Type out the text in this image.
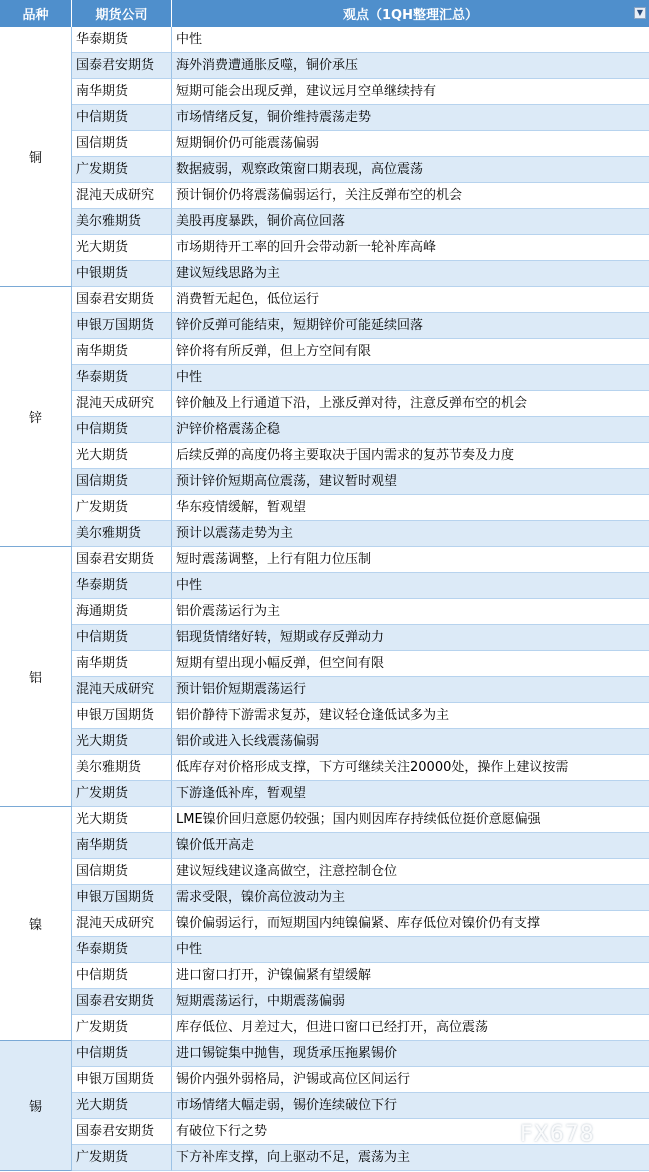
品种	期货公司	观点（1QH整理汇总）	▼
铜
华泰期货	中性
国泰君安期货	海外消费遭通胀反噬，铜价承压
南华期货	短期可能会出现反弹，建议远月空单继续持有
中信期货	市场情绪反复，铜价维持震荡走势
国信期货	短期铜价仍可能震荡偏弱
广发期货	数据疲弱，观察政策窗口期表现，高位震荡
混沌天成研究	预计铜价仍将震荡偏弱运行，关注反弹布空的机会
美尔雅期货	美股再度暴跌，铜价高位回落
光大期货	市场期待开工率的回升会带动新一轮补库高峰
中银期货	建议短线思路为主
锌
国泰君安期货	消费暂无起色，低位运行
申银万国期货	锌价反弹可能结束，短期锌价可能延续回落
南华期货	锌价将有所反弹，但上方空间有限
华泰期货	中性
混沌天成研究	锌价触及上行通道下沿，上涨反弹对待，注意反弹布空的机会
中信期货	沪锌价格震荡企稳
光大期货	后续反弹的高度仍将主要取决于国内需求的复苏节奏及力度
国信期货	预计锌价短期高位震荡，建议暂时观望
广发期货	华东疫情缓解，暂观望
美尔雅期货	预计以震荡走势为主
铝
国泰君安期货	短时震荡调整，上行有阻力位压制
华泰期货	中性
海通期货	铝价震荡运行为主
中信期货	铝现货情绪好转，短期或存反弹动力
南华期货	短期有望出现小幅反弹，但空间有限
混沌天成研究	预计铝价短期震荡运行
申银万国期货	铝价静待下游需求复苏，建议轻仓逢低试多为主
光大期货	铝价或进入长线震荡偏弱
美尔雅期货	低库存对价格形成支撑，下方可继续关注20000处，操作上建议按需
广发期货	下游逢低补库，暂观望
镍
光大期货	LME镍价回归意愿仍较强；国内则因库存持续低位挺价意愿偏强
南华期货	镍价低开高走
国信期货	建议短线建议逢高做空，注意控制仓位
申银万国期货	需求受限，镍价高位波动为主
混沌天成研究	镍价偏弱运行，而短期国内纯镍偏紧、库存低位对镍价仍有支撑
华泰期货	中性
中信期货	进口窗口打开，沪镍偏紧有望缓解
国泰君安期货	短期震荡运行，中期震荡偏弱
广发期货	库存低位、月差过大，但进口窗口已经打开，高位震荡
锡
中信期货	进口锡锭集中抛售，现货承压拖累锡价
申银万国期货	锡价内强外弱格局，沪锡或高位区间运行
光大期货	市场情绪大幅走弱，锡价连续破位下行
国泰君安期货	有破位下行之势
广发期货	下方补库支撑，向上驱动不足，震荡为主
FX678
